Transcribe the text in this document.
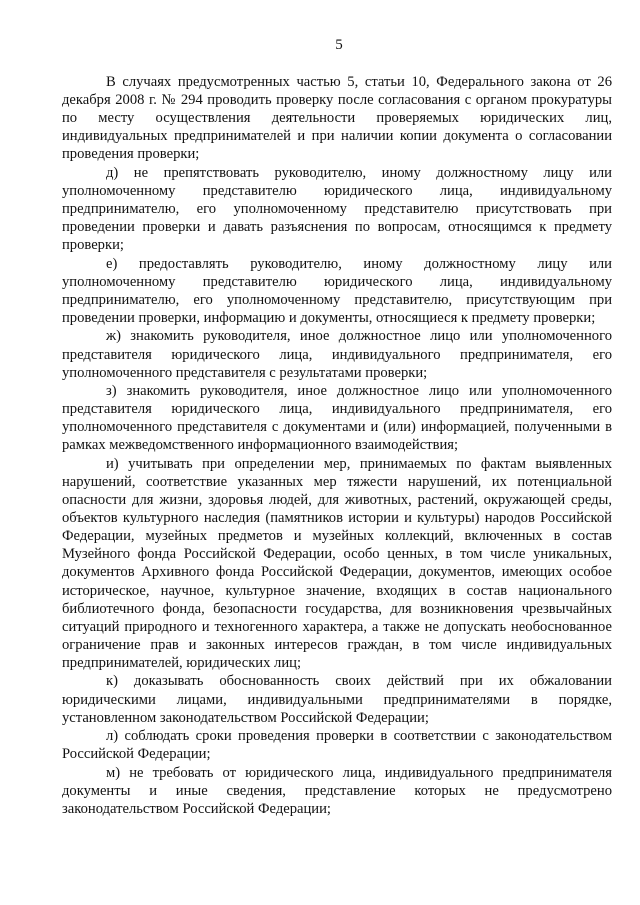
5

В случаях предусмотренных частью 5, статьи 10, Федерального закона от 26 декабря 2008 г. № 294 проводить проверку после согласования с органом прокуратуры по месту осуществления деятельности проверяемых юридических лиц, индивидуальных предпринимателей и при наличии копии документа о согласовании проведения проверки;

д) не препятствовать руководителю, иному должностному лицу или уполномоченному представителю юридического лица, индивидуальному предпринимателю, его уполномоченному представителю присутствовать при проведении проверки и давать разъяснения по вопросам, относящимся к предмету проверки;

е) предоставлять руководителю, иному должностному лицу или уполномоченному представителю юридического лица, индивидуальному предпринимателю, его уполномоченному представителю, присутствующим при проведении проверки, информацию и документы, относящиеся к предмету проверки;

ж) знакомить руководителя, иное должностное лицо или уполномоченного представителя юридического лица, индивидуального предпринимателя, его уполномоченного представителя с результатами проверки;

з) знакомить руководителя, иное должностное лицо или уполномоченного представителя юридического лица, индивидуального предпринимателя, его уполномоченного представителя с документами и (или) информацией, полученными в рамках межведомственного информационного взаимодействия;

и) учитывать при определении мер, принимаемых по фактам выявленных нарушений, соответствие указанных мер тяжести нарушений, их потенциальной опасности для жизни, здоровья людей, для животных, растений, окружающей среды, объектов культурного наследия (памятников истории и культуры) народов Российской Федерации, музейных предметов и музейных коллекций, включенных в состав Музейного фонда Российской Федерации, особо ценных, в том числе уникальных, документов Архивного фонда Российской Федерации, документов, имеющих особое историческое, научное, культурное значение, входящих в состав национального библиотечного фонда, безопасности государства, для возникновения чрезвычайных ситуаций природного и техногенного характера, а также не допускать необоснованное ограничение прав и законных интересов граждан, в том числе индивидуальных предпринимателей, юридических лиц;

к) доказывать обоснованность своих действий при их обжаловании юридическими лицами, индивидуальными предпринимателями в порядке, установленном законодательством Российской Федерации;

л) соблюдать сроки проведения проверки в соответствии с законодательством Российской Федерации;

м) не требовать от юридического лица, индивидуального предпринимателя документы и иные сведения, представление которых не предусмотрено законодательством Российской Федерации;
